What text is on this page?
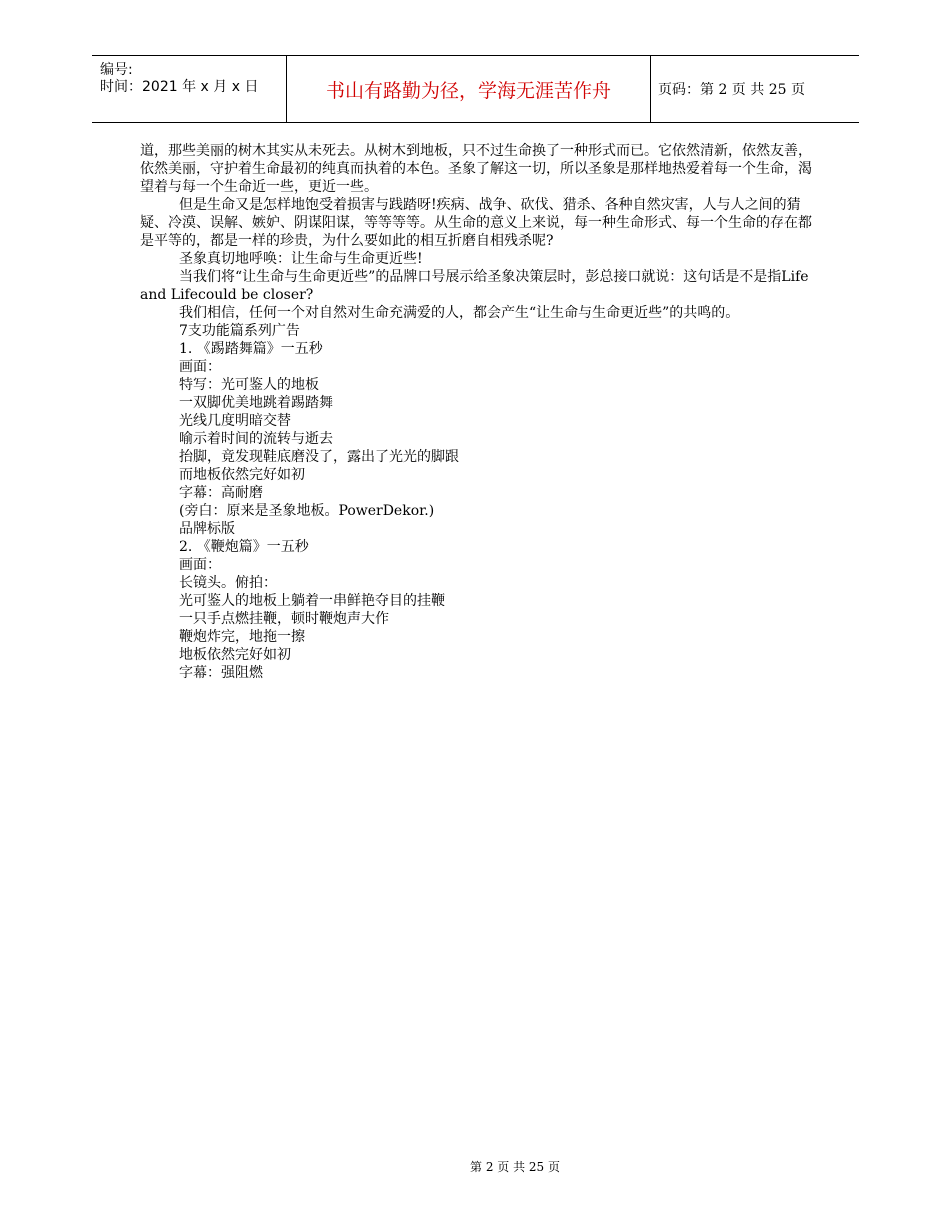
编号:
时间：2021 年 x 月 x 日	书山有路勤为径，学海无涯苦作舟	页码：第 2 页 共 25 页

道，那些美丽的树木其实从未死去。从树木到地板，只不过生命换了一种形式而已。它依然清新，依然友善，依然美丽，守护着生命最初的纯真而执着的本色。圣象了解这一切，所以圣象是那样地热爱着每一个生命，渴望着与每一个生命近一些，更近一些。

但是生命又是怎样地饱受着损害与践踏呀!疾病、战争、砍伐、猎杀、各种自然灾害，人与人之间的猜疑、冷漠、误解、嫉妒、阴谋阳谋，等等等等。从生命的意义上来说，每一种生命形式、每一个生命的存在都是平等的，都是一样的珍贵，为什么要如此的相互折磨自相残杀呢?

圣象真切地呼唤：让生命与生命更近些!

当我们将“让生命与生命更近些”的品牌口号展示给圣象决策层时，彭总接口就说：这句话是不是指Life and Lifecould be closer?

我们相信，任何一个对自然对生命充满爱的人，都会产生“让生命与生命更近些”的共鸣的。

7支功能篇系列广告

1. 《踢踏舞篇》一五秒

画面：

特写：光可鉴人的地板

一双脚优美地跳着踢踏舞

光线几度明暗交替

喻示着时间的流转与逝去

抬脚，竟发现鞋底磨没了，露出了光光的脚跟

而地板依然完好如初

字幕：高耐磨

(旁白：原来是圣象地板。PowerDekor.)

品牌标版

2. 《鞭炮篇》一五秒

画面：

长镜头。俯拍：

光可鉴人的地板上躺着一串鲜艳夺目的挂鞭

一只手点燃挂鞭，顿时鞭炮声大作

鞭炮炸完，地拖一擦

地板依然完好如初

字幕：强阻燃

第 2 页 共 25 页
